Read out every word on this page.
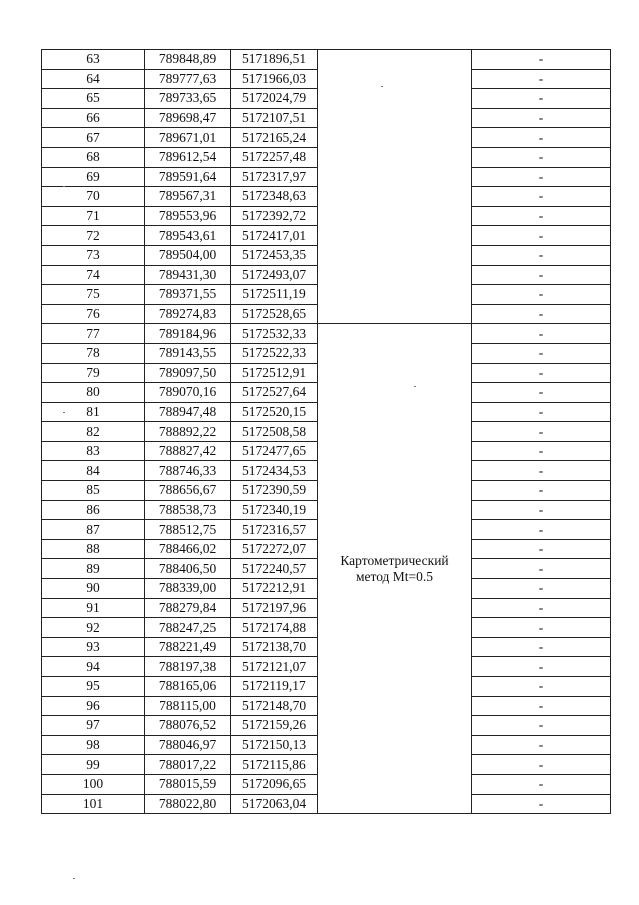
63	789848,89	5171896,51		-
64	789777,63	5171966,03		-
65	789733,65	5172024,79		-
66	789698,47	5172107,51		-
67	789671,01	5172165,24		-
68	789612,54	5172257,48		-
69	789591,64	5172317,97		-
70	789567,31	5172348,63		-
71	789553,96	5172392,72		-
72	789543,61	5172417,01		-
73	789504,00	5172453,35		-
74	789431,30	5172493,07		-
75	789371,55	5172511,19		-
76	789274,83	5172528,65		-
77	789184,96	5172532,33	Картометрический метод Mt=0.5	-
78	789143,55	5172522,33		-
79	789097,50	5172512,91		-
80	789070,16	5172527,64		-
81	788947,48	5172520,15		-
82	788892,22	5172508,58		-
83	788827,42	5172477,65		-
84	788746,33	5172434,53		-
85	788656,67	5172390,59		-
86	788538,73	5172340,19		-
87	788512,75	5172316,57		-
88	788466,02	5172272,07		-
89	788406,50	5172240,57		-
90	788339,00	5172212,91		-
91	788279,84	5172197,96		-
92	788247,25	5172174,88		-
93	788221,49	5172138,70		-
94	788197,38	5172121,07		-
95	788165,06	5172119,17		-
96	788115,00	5172148,70		-
97	788076,52	5172159,26		-
98	788046,97	5172150,13		-
99	788017,22	5172115,86		-
100	788015,59	5172096,65		-
101	788022,80	5172063,04		-
